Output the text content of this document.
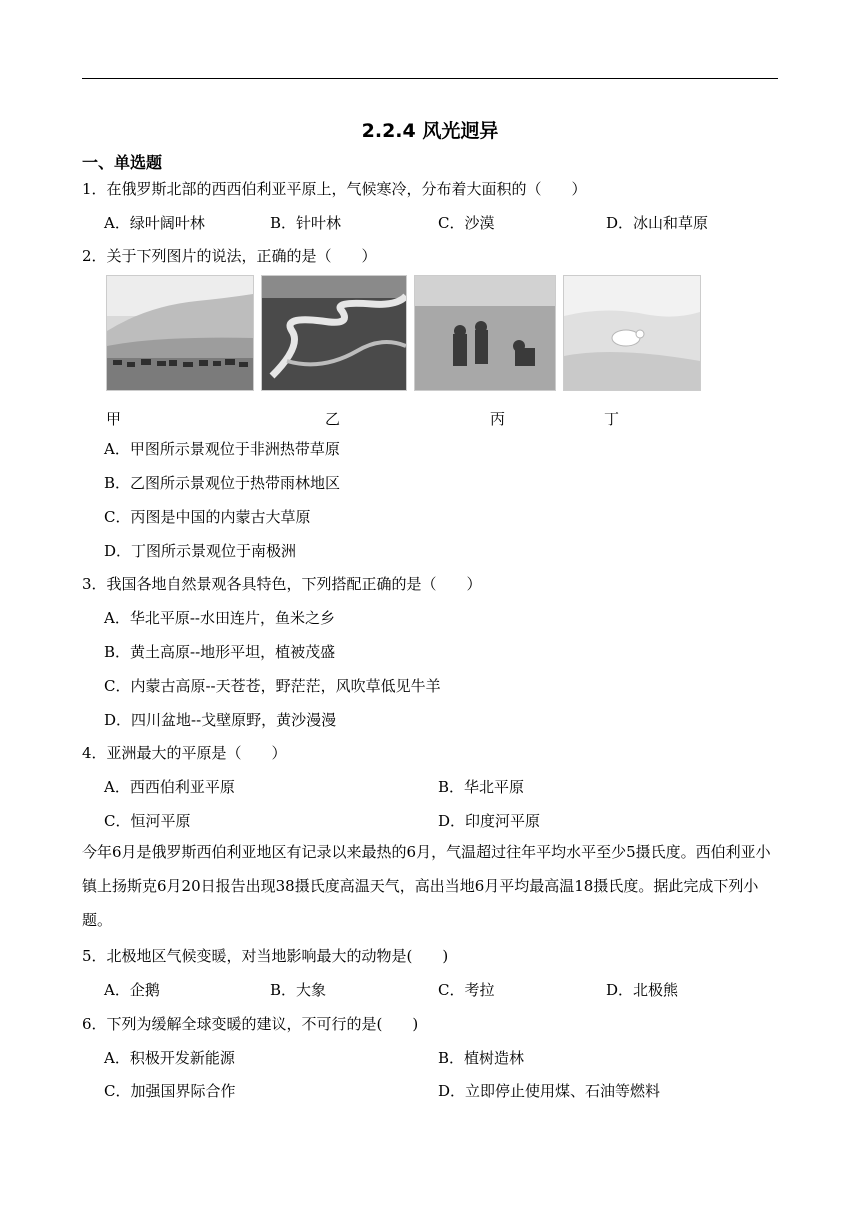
2.2.4 风光迥异
一、单选题
1．在俄罗斯北部的西西伯利亚平原上，气候寒冷，分布着大面积的（　　）
A．绿叶阔叶林	B．针叶林	C．沙漠	D．冰山和草原
2．关于下列图片的说法，正确的是（　　）
甲	乙	丙	丁
A．甲图所示景观位于非洲热带草原
B．乙图所示景观位于热带雨林地区
C．丙图是中国的内蒙古大草原
D．丁图所示景观位于南极洲
3．我国各地自然景观各具特色，下列搭配正确的是（　　）
A．华北平原--水田连片，鱼米之乡
B．黄土高原--地形平坦，植被茂盛
C．内蒙古高原--天苍苍，野茫茫，风吹草低见牛羊
D．四川盆地--戈壁原野，黄沙漫漫
4．亚洲最大的平原是（　　）
A．西西伯利亚平原	B．华北平原
C．恒河平原	D．印度河平原
今年6月是俄罗斯西伯利亚地区有记录以来最热的6月，气温超过往年平均水平至少5摄氏度。西伯利亚小镇上扬斯克6月20日报告出现38摄氏度高温天气，高出当地6月平均最高温18摄氏度。据此完成下列小题。
5．北极地区气候变暖，对当地影响最大的动物是(　　)
A．企鹅	B．大象	C．考拉	D．北极熊
6．下列为缓解全球变暖的建议，不可行的是(　　)
A．积极开发新能源	B．植树造林
C．加强国界际合作	D．立即停止使用煤、石油等燃料
